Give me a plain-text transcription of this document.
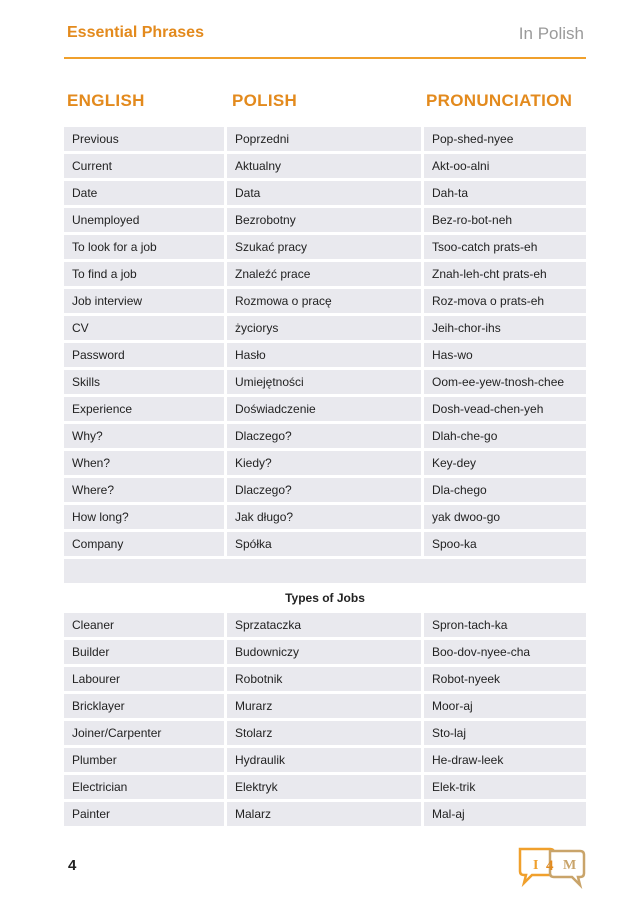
Essential Phrases	In Polish
ENGLISH	POLISH	PRONUNCIATION
Previous	Poprzedni	Pop-shed-nyee
Current	Aktualny	Akt-oo-alni
Date	Data	Dah-ta
Unemployed	Bezrobotny	Bez-ro-bot-neh
To look for a job	Szukać pracy	Tsoo-catch prats-eh
To find a job	Znaleźć prace	Znah-leh-cht prats-eh
Job interview	Rozmowa o pracę	Roz-mova o prats-eh
CV	życiorys	Jeih-chor-ihs
Password	Hasło	Has-wo
Skills	Umiejętności	Oom-ee-yew-tnosh-chee
Experience	Doświadczenie	Dosh-vead-chen-yeh
Why?	Dlaczego?	Dlah-che-go
When?	Kiedy?	Key-dey
Where?	Dlaczego?	Dla-chego
How long?	Jak długo?	yak dwoo-go
Company	Spółka	Spoo-ka

Types of Jobs		
Cleaner	Sprzataczka	Spron-tach-ka
Builder	Budowniczy	Boo-dov-nyee-cha
Labourer	Robotnik	Robot-nyeek
Bricklayer	Murarz	Moor-aj
Joiner/Carpenter	Stolarz	Sto-laj
Plumber	Hydraulik	He-draw-leek
Electrician	Elektryk	Elek-trik
Painter	Malarz	Mal-aj
4	I 4 M
